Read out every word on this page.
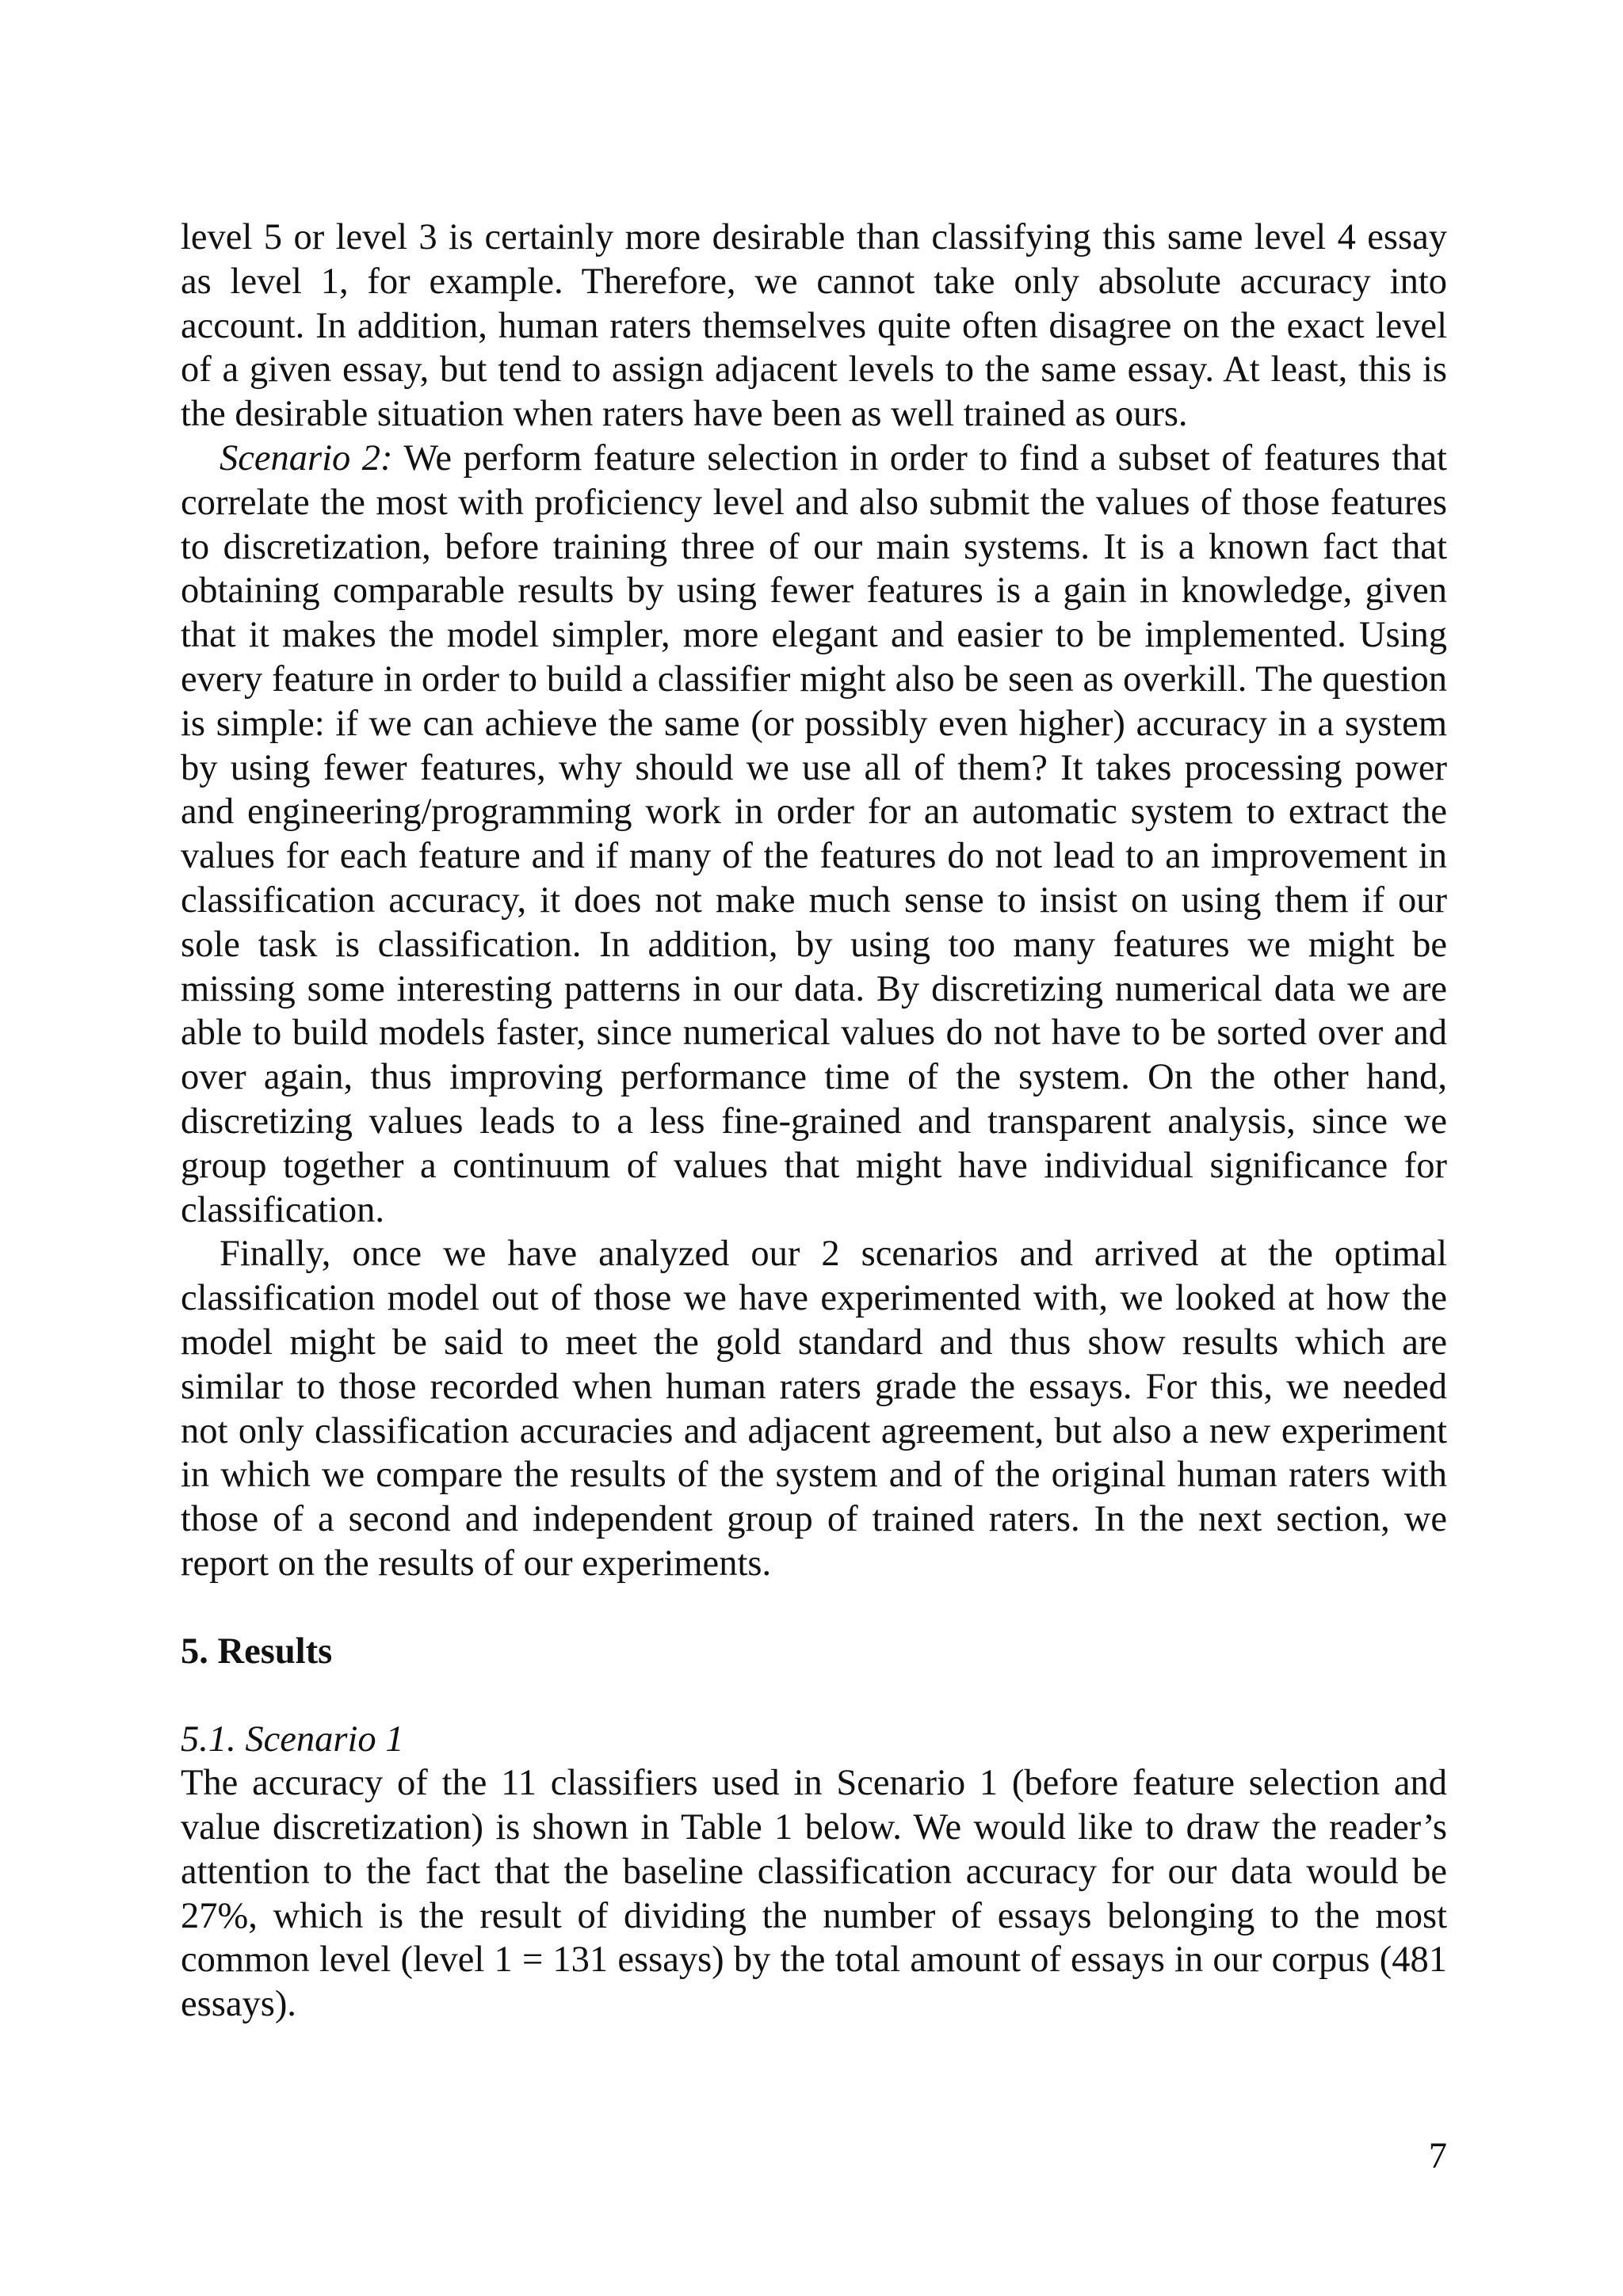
level 5 or level 3 is certainly more desirable than classifying this same level 4 essay as level 1, for example. Therefore, we cannot take only absolute accuracy into account. In addition, human raters themselves quite often disagree on the exact level of a given essay, but tend to assign adjacent levels to the same essay. At least, this is the desirable situation when raters have been as well trained as ours.

Scenario 2: We perform feature selection in order to find a subset of features that correlate the most with proficiency level and also submit the values of those features to discretization, before training three of our main systems. It is a known fact that obtaining comparable results by using fewer features is a gain in knowledge, given that it makes the model simpler, more elegant and easier to be implemented. Using every feature in order to build a classifier might also be seen as overkill. The question is simple: if we can achieve the same (or possibly even higher) accuracy in a system by using fewer features, why should we use all of them? It takes processing power and engineering/programming work in order for an automatic system to extract the values for each feature and if many of the features do not lead to an improvement in classification accuracy, it does not make much sense to insist on using them if our sole task is classification. In addition, by using too many features we might be missing some interesting patterns in our data. By discretizing numerical data we are able to build models faster, since numerical values do not have to be sorted over and over again, thus improving performance time of the system. On the other hand, discretizing values leads to a less fine-grained and transparent analysis, since we group together a continuum of values that might have individual significance for classification.

Finally, once we have analyzed our 2 scenarios and arrived at the optimal classification model out of those we have experimented with, we looked at how the model might be said to meet the gold standard and thus show results which are similar to those recorded when human raters grade the essays. For this, we needed not only classification accuracies and adjacent agreement, but also a new experiment in which we compare the results of the system and of the original human raters with those of a second and independent group of trained raters. In the next section, we report on the results of our experiments.

5. Results
5.1. Scenario 1

The accuracy of the 11 classifiers used in Scenario 1 (before feature selection and value discretization) is shown in Table 1 below. We would like to draw the reader’s attention to the fact that the baseline classification accuracy for our data would be 27%, which is the result of dividing the number of essays belonging to the most common level (level 1 = 131 essays) by the total amount of essays in our corpus (481 essays).

7
